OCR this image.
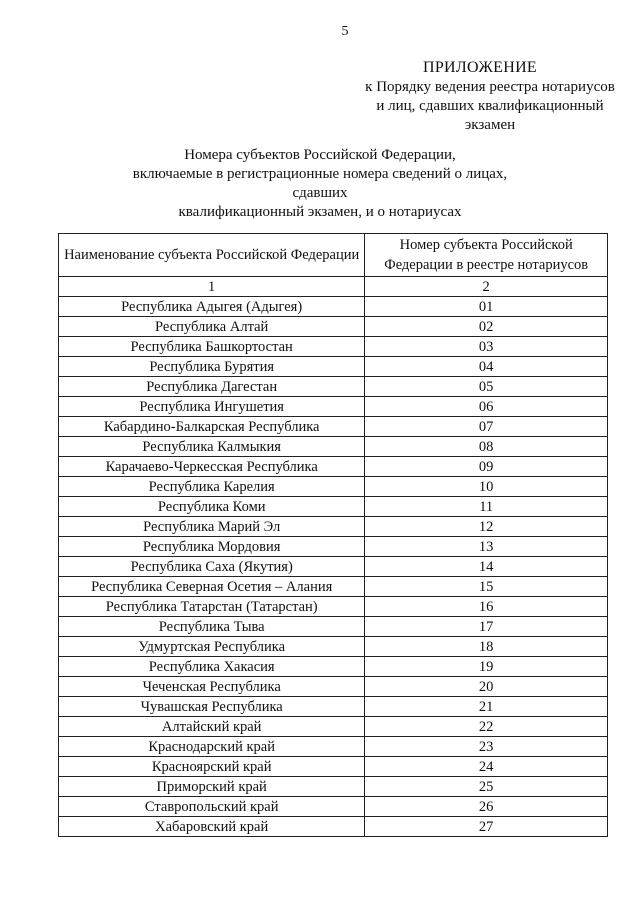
5
ПРИЛОЖЕНИЕ
к Порядку ведения реестра нотариусов
и лиц, сдавших квалификационный
экзамен
Номера субъектов Российской Федерации,
включаемые в регистрационные номера сведений о лицах, сдавших
квалификационный экзамен, и о нотариусах
Наименование субъекта Российской Федерации	Номер субъекта Российской Федерации в реестре нотариусов
1	2
Республика Адыгея (Адыгея)	01
Республика Алтай	02
Республика Башкортостан	03
Республика Бурятия	04
Республика Дагестан	05
Республика Ингушетия	06
Кабардино-Балкарская Республика	07
Республика Калмыкия	08
Карачаево-Черкесская Республика	09
Республика Карелия	10
Республика Коми	11
Республика Марий Эл	12
Республика Мордовия	13
Республика Саха (Якутия)	14
Республика Северная Осетия – Алания	15
Республика Татарстан (Татарстан)	16
Республика Тыва	17
Удмуртская Республика	18
Республика Хакасия	19
Чеченская Республика	20
Чувашская Республика	21
Алтайский край	22
Краснодарский край	23
Красноярский край	24
Приморский край	25
Ставропольский край	26
Хабаровский край	27
